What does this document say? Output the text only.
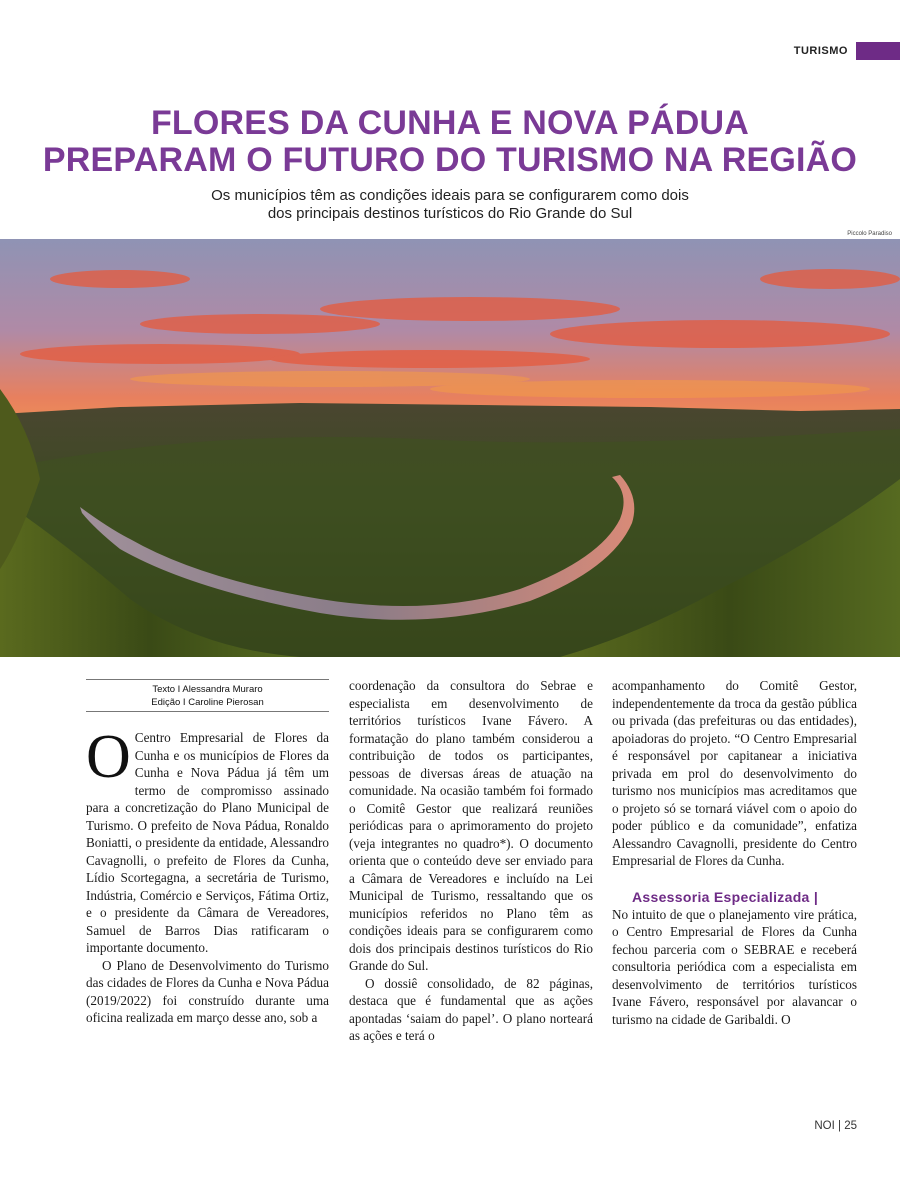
TURISMO
FLORES DA CUNHA E NOVA PÁDUA
PREPARAM O FUTURO DO TURISMO NA REGIÃO
Os municípios têm as condições ideais para se configurarem como dois
dos principais destinos turísticos do Rio Grande do Sul
Piccolo Paradiso
Texto I Alessandra Muraro
Edição I Caroline Pierosan

O Centro Empresarial de Flores da Cunha e os municípios de Flores da Cunha e Nova Pádua já têm um termo de compromisso assinado para a concretização do Plano Municipal de Turismo. O prefeito de Nova Pádua, Ronaldo Boniatti, o presidente da entidade, Alessandro Cavagnolli, o prefeito de Flores da Cunha, Lídio Scortegagna, a secretária de Turismo, Indústria, Comércio e Serviços, Fátima Ortiz, e o presidente da Câmara de Vereadores, Samuel de Barros Dias ratificaram o importante documento.

O Plano de Desenvolvimento do Turismo das cidades de Flores da Cunha e Nova Pádua (2019/2022) foi construído durante uma oficina realizada em março desse ano, sob a

coordenação da consultora do Sebrae e especialista em desenvolvimento de territórios turísticos Ivane Fávero. A formatação do plano também considerou a contribuição de todos os participantes, pessoas de diversas áreas de atuação na comunidade. Na ocasião também foi formado o Comitê Gestor que realizará reuniões periódicas para o aprimoramento do projeto (veja integrantes no quadro*). O documento orienta que o conteúdo deve ser enviado para a Câmara de Vereadores e incluído na Lei Municipal de Turismo, ressaltando que os municípios referidos no Plano têm as condições ideais para se configurarem como dois dos principais destinos turísticos do Rio Grande do Sul.

O dossiê consolidado, de 82 páginas, destaca que é fundamental que as ações apontadas ‘saiam do papel’. O plano norteará as ações e terá o

acompanhamento do Comitê Gestor, independentemente da troca da gestão pública ou privada (das prefeituras ou das entidades), apoiadoras do projeto. “O Centro Empresarial é responsável por capitanear a iniciativa privada em prol do desenvolvimento do turismo nos municípios mas acreditamos que o projeto só se tornará viável com o apoio do poder público e da comunidade”, enfatiza Alessandro Cavagnolli, presidente do Centro Empresarial de Flores da Cunha.

Assessoria Especializada |

No intuito de que o planejamento vire prática, o Centro Empresarial de Flores da Cunha fechou parceria com o SEBRAE e receberá consultoria periódica com a especialista em desenvolvimento de territórios turísticos Ivane Fávero, responsável por alavancar o turismo na cidade de Garibaldi. O

NOI | 25
